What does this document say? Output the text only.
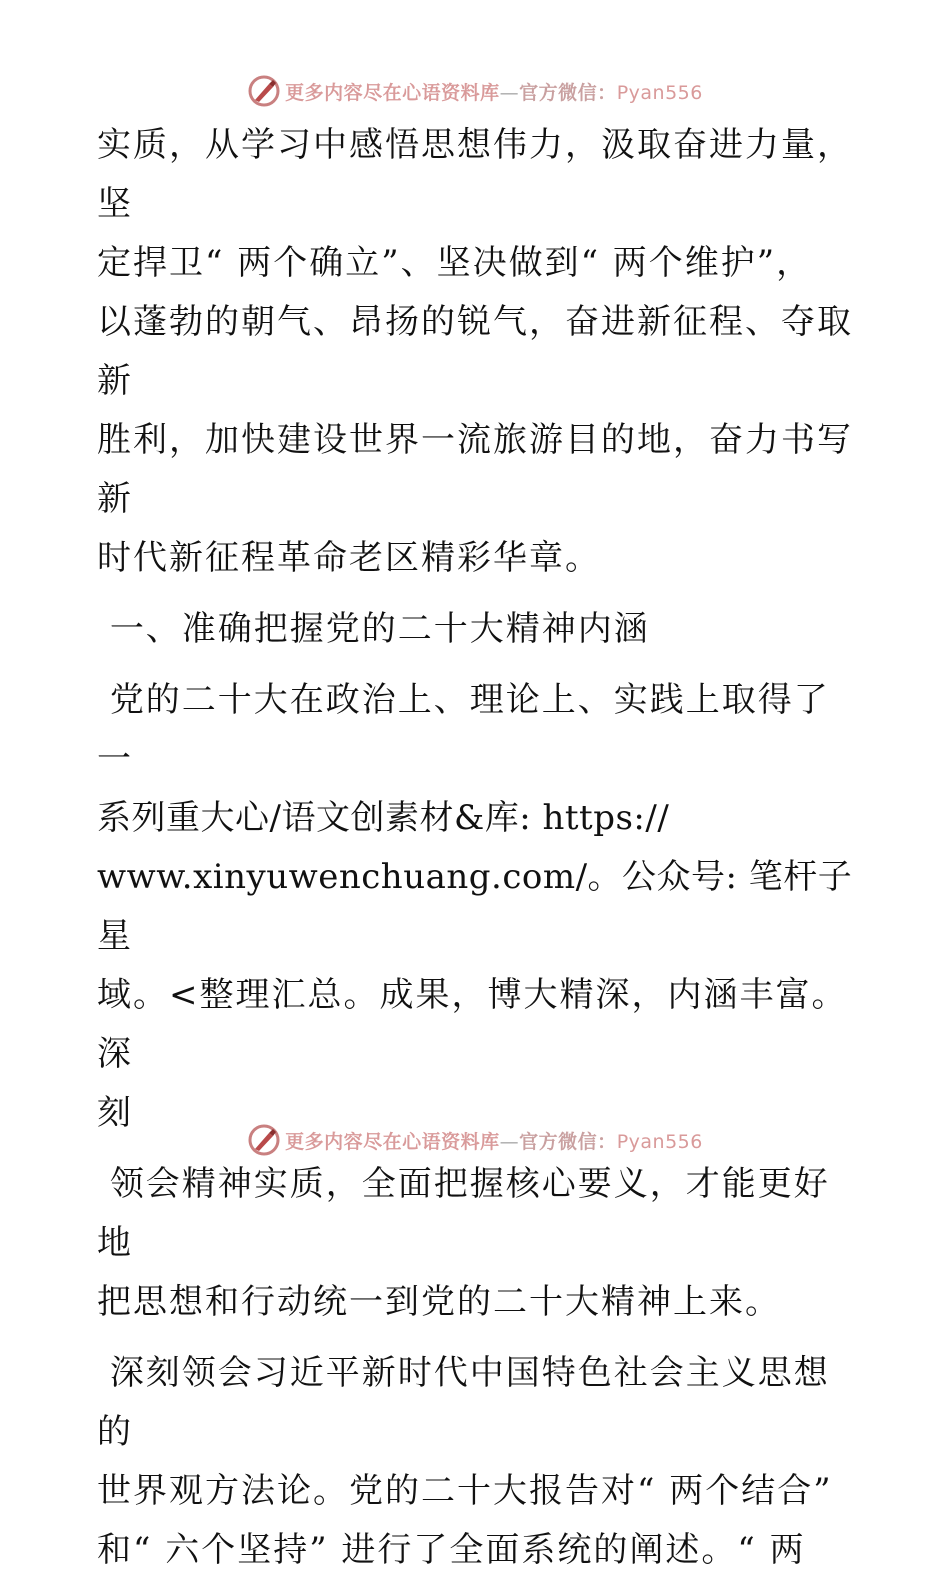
更多内容尽在心语资料库—官方微信：Pyan556

实质，从学习中感悟思想伟力，汲取奋进力量，坚

定捍卫“ 两个确立”、坚决做到“ 两个维护”，

以蓬勃的朝气、昂扬的锐气，奋进新征程、夺取新

胜利，加快建设世界一流旅游目的地，奋力书写新

时代新征程革命老区精彩华章。

一、准确把握党的二十大精神内涵

党的二十大在政治上、理论上、实践上取得了一

系列重大心/语文创素材&库: https://

www.xinyuwenchuang.com/。公众号: 笔杆子星

域。<整理汇总。成果，博大精深，内涵丰富。深

刻

领会精神实质，全面把握核心要义，才能更好地

把思想和行动统一到党的二十大精神上来。

深刻领会习近平新时代中国特色社会主义思想的

世界观方法论。党的二十大报告对“ 两个结合”

和“ 六个坚持” 进行了全面系统的阐述。“ 两

更多内容尽在心语资料库—官方微信：Pyan556
